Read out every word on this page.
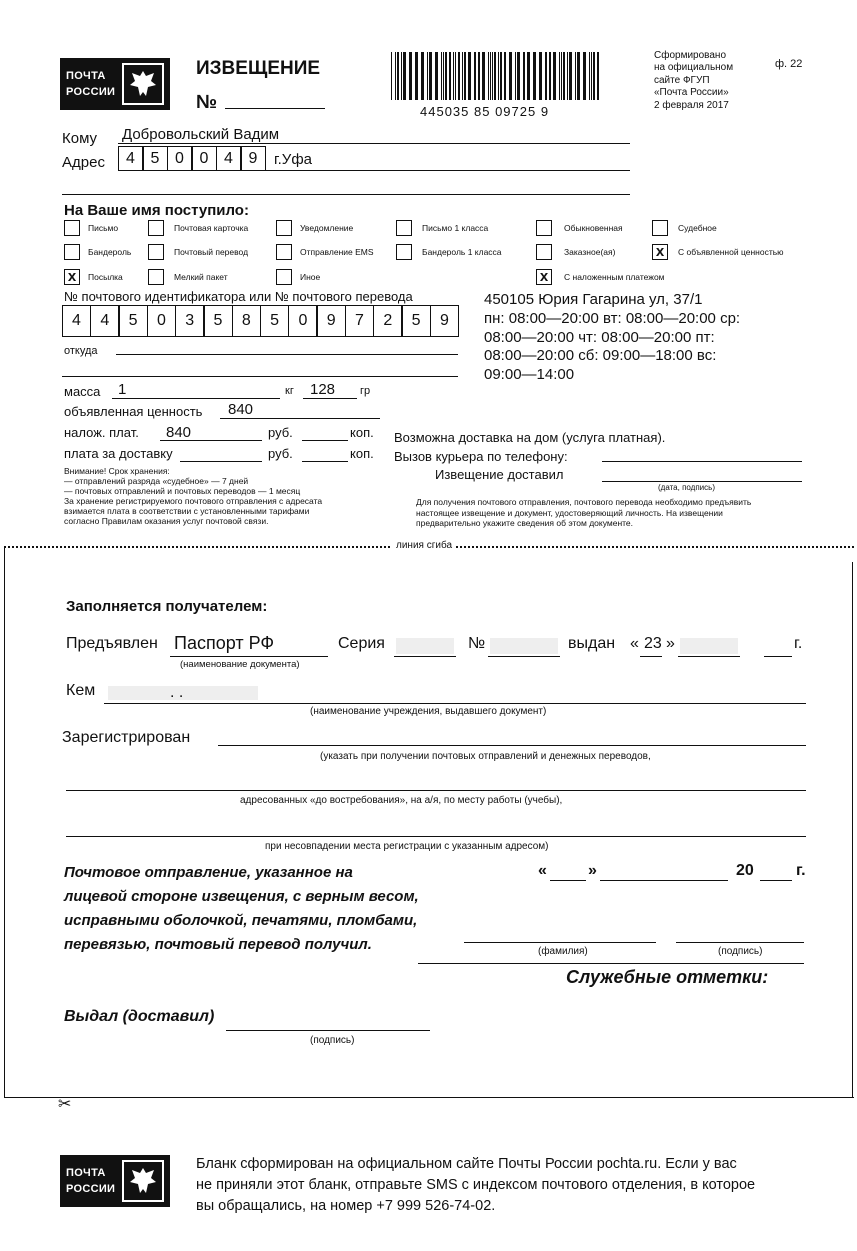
ПОЧТА
РОССИИ
ИЗВЕЩЕНИЕ
№	445035 85 09725 9
Сформировано
на официальном
сайте ФГУП
«Почта России»
2 февраля 2017
ф. 22
Кому Добровольский Вадим
Адрес	4 5 0 0 4 9	г.Уфа
На Ваше имя поступило:
Письмо	Почтовая карточка	Уведомление	Письмо 1 класса	Обыкновенная	Судебное
Бандероль	Почтовый перевод	Отправление EMS	Бандероль 1 класса	Заказное(ая)	x	С объявленной ценностью
x	Посылка	Мелкий пакет	Иное	x	С наложенным платежом
№ почтового идентификатора или № почтового перевода
4	4	5	0	3	5	8	5	0	9	7	2	5	9
откуда
450105 Юрия Гагарина ул, 37/1
пн: 08:00—20:00 вт: 08:00—20:00 ср:
08:00—20:00 чт: 08:00—20:00 пт:
08:00—20:00 сб: 09:00—18:00 вс:
09:00—14:00
масса 1	кг 128 гр
объявленная ценность 840
налож. плат. 840	руб.	коп.
плата за доставку	руб.	коп.
Внимание! Срок хранения:
— отправлений разряда «судебное» — 7 дней
— почтовых отправлений и почтовых переводов — 1 месяц
За хранение регистрируемого почтового отправления с адресата
взимается плата в соответствии с установленными тарифами
согласно Правилам оказания услуг почтовой связи.
Возможна доставка на дом (услуга платная).
Вызов курьера по телефону:
Извещение доставил
(дата, подпись)
Для получения почтового отправления, почтового перевода необходимо предъявить
настоящее извещение и документ, удостоверяющий личность. На извещении
предварительно укажите сведения об этом документе.
линия сгиба
Заполняется получателем:
Предъявлен Паспорт РФ
(наименование документа)
Серия	№	выдан « 23 »	г.
Кем	. .
(наименование учреждения, выдавшего документ)
Зарегистрирован
(указать при получении почтовых отправлений и денежных переводов,
адресованных «до востребования», на а/я, по месту работы (учебы),
при несовпадении места регистрации с указанным адресом)
Почтовое отправление, указанное на
лицевой стороне извещения, с верным весом,
исправными оболочкой, печатями, пломбами,
перевязью, почтовый перевод получил.
«	»	20	г.
(фамилия)	(подпись)
Служебные отметки:
Выдал (доставил)
(подпись)
✂
ПОЧТА
РОССИИ
Бланк сформирован на официальном сайте Почты России pochta.ru. Если у вас
не приняли этот бланк, отправьте SMS с индексом почтового отделения, в которое
вы обращались, на номер +7 999 526-74-02.
